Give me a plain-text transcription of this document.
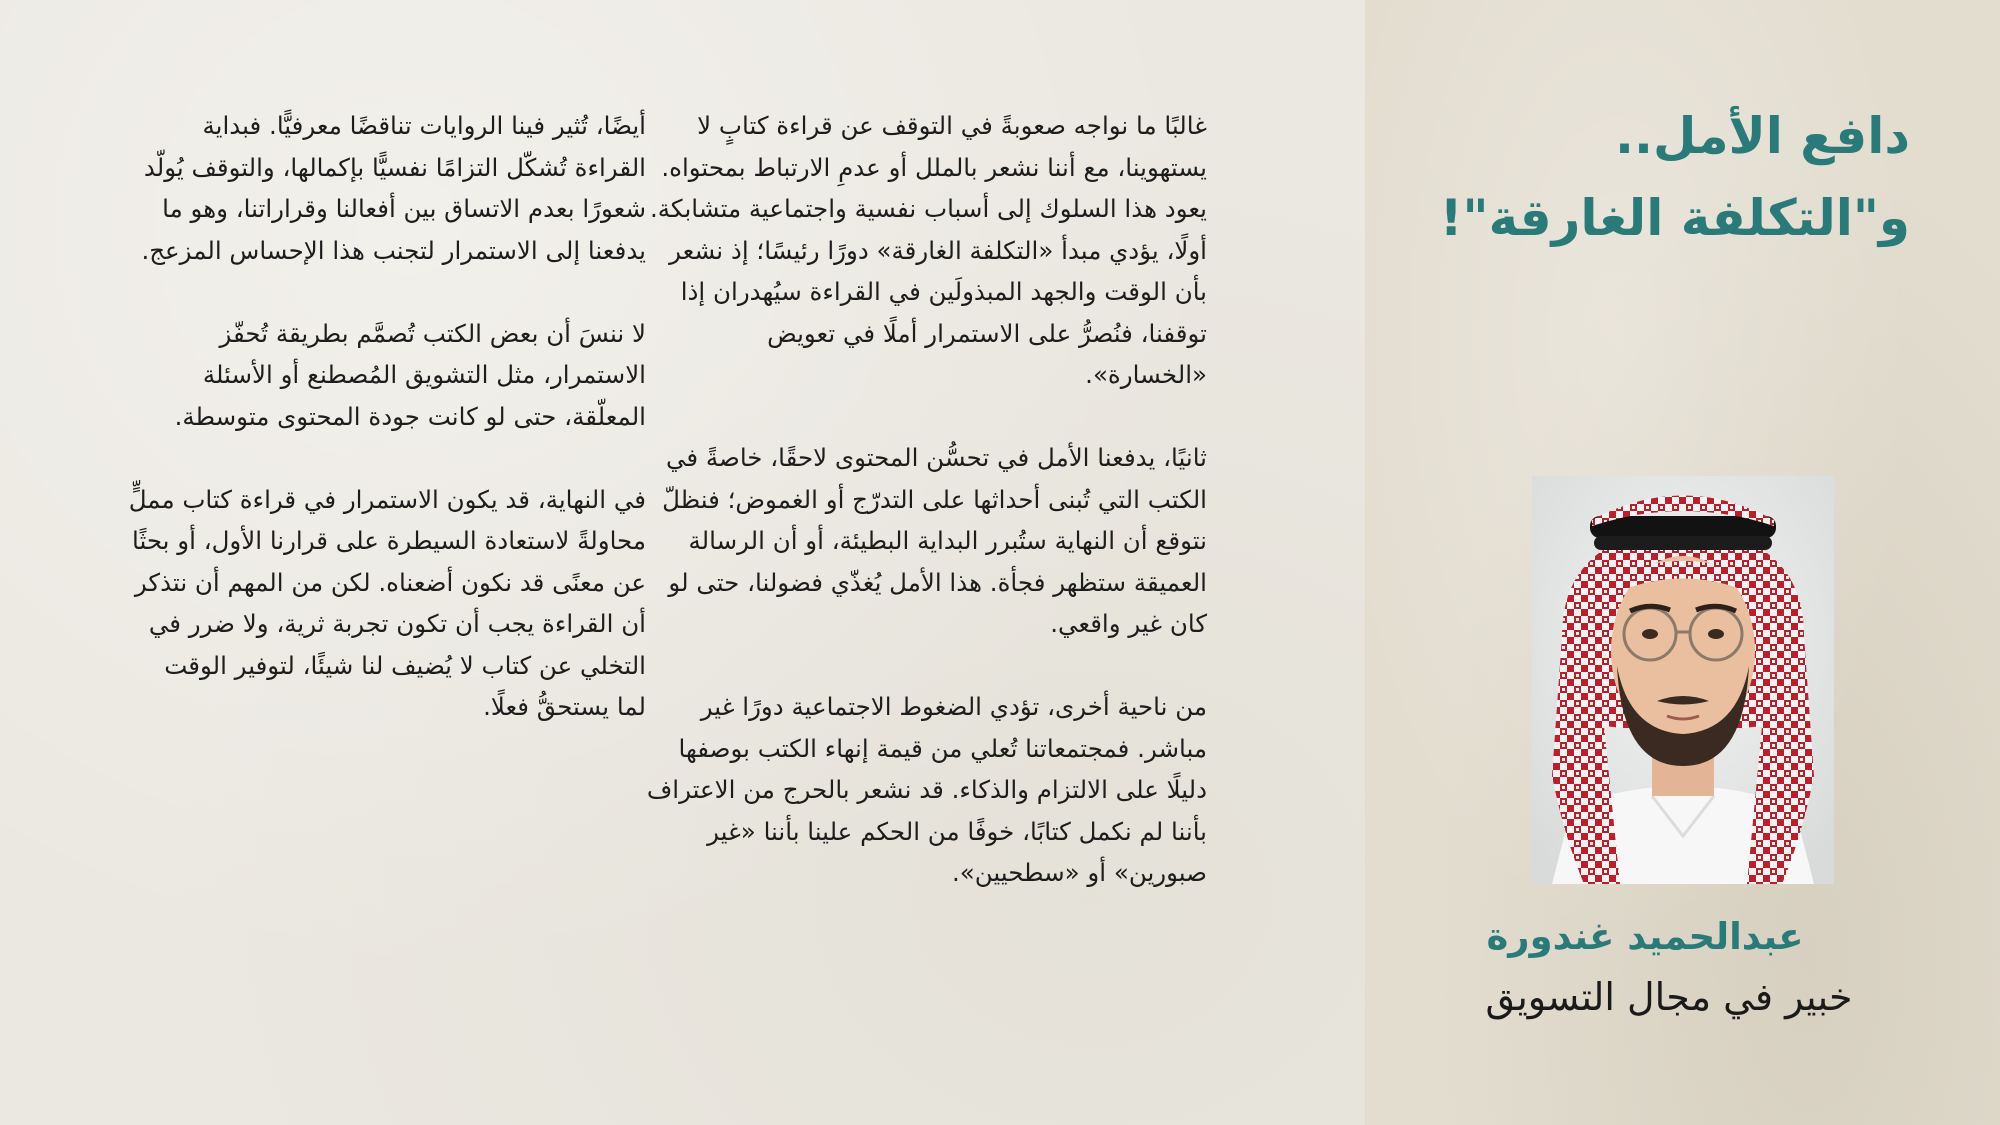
غالبًا ما نواجه صعوبةً في التوقف عن قراءة كتابٍ لا يستهوينا، مع أننا نشعر بالملل أو عدمِ الارتباط بمحتواه. يعود هذا السلوك إلى أسباب نفسية واجتماعية متشابكة. أولًا، يؤدي مبدأ «التكلفة الغارقة» دورًا رئيسًا؛ إذ نشعر بأن الوقت والجهد المبذولَين في القراءة سيُهدران إذا توقفنا، فنُصرُّ على الاستمرار أملًا في تعويض «الخسارة».

ثانيًا، يدفعنا الأمل في تحسُّن المحتوى لاحقًا، خاصةً في الكتب التي تُبنى أحداثها على التدرّج أو الغموض؛ فنظلّ نتوقع أن النهاية ستُبرر البداية البطيئة، أو أن الرسالة العميقة ستظهر فجأة. هذا الأمل يُغذّي فضولنا، حتى لو كان غير واقعي.

من ناحية أخرى، تؤدي الضغوط الاجتماعية دورًا غير مباشر. فمجتمعاتنا تُعلي من قيمة إنهاء الكتب بوصفها دليلًا على الالتزام والذكاء. قد نشعر بالحرج من الاعتراف بأننا لم نكمل كتابًا، خوفًا من الحكم علينا بأننا «غير صبورين» أو «سطحيين».

أيضًا، تُثير فينا الروايات تناقضًا معرفيًّا. فبداية القراءة تُشكّل التزامًا نفسيًّا بإكمالها، والتوقف يُولّد شعورًا بعدم الاتساق بين أفعالنا وقراراتنا، وهو ما يدفعنا إلى الاستمرار لتجنب هذا الإحساس المزعج.

لا ننسَ أن بعض الكتب تُصمَّم بطريقة تُحفّز الاستمرار، مثل التشويق المُصطنع أو الأسئلة المعلّقة، حتى لو كانت جودة المحتوى متوسطة.

في النهاية، قد يكون الاستمرار في قراءة كتاب مملٍّ محاولةً لاستعادة السيطرة على قرارنا الأول، أو بحثًا عن معنًى قد نكون أضعناه. لكن من المهم أن نتذكر أن القراءة يجب أن تكون تجربة ثرية، ولا ضرر في التخلي عن كتاب لا يُضيف لنا شيئًا، لتوفير الوقت لما يستحقُّ فعلًا.

دافع الأمل..
و"التكلفة الغارقة"!
عبدالحميد غندورة
خبير في مجال التسويق
